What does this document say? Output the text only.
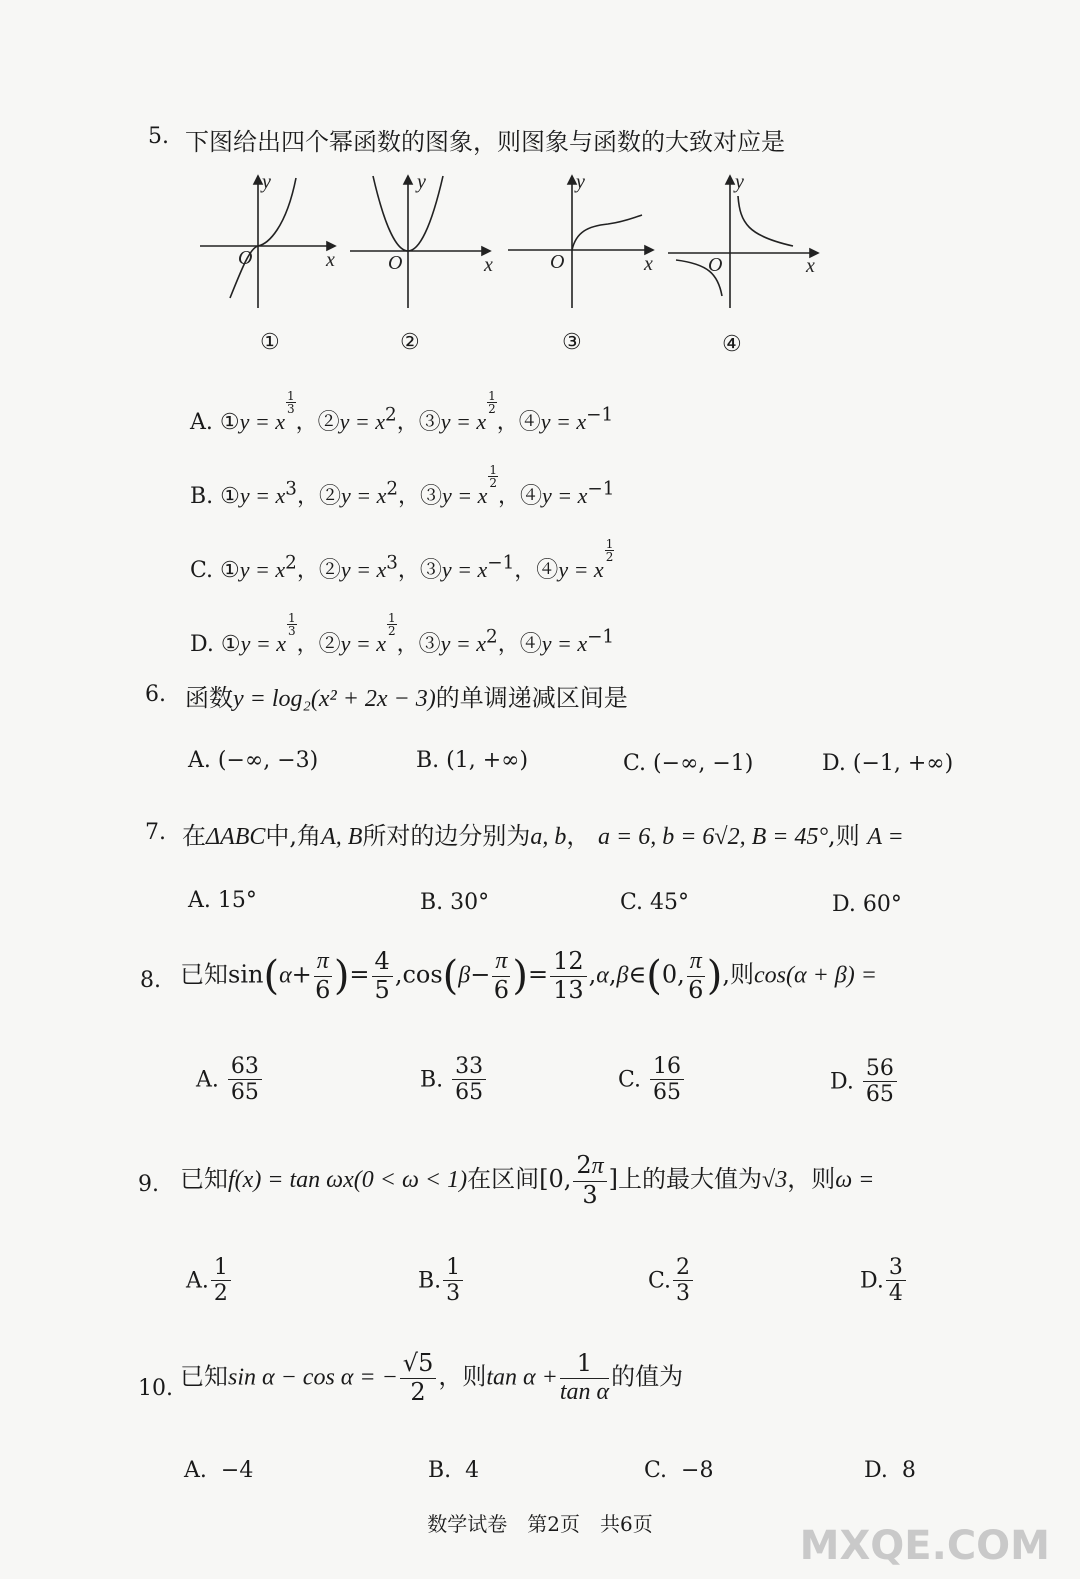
5. 下图给出四个幂函数的图象，则图象与函数的大致对应是
y
x
O
y
x
O
y
x
O
y
x
O
①	②	③	④
A. ①y = x
$\frac{1}{3}$
，②y = $x^2$，③y = x
$\frac{1}{2}$
，④y = $x^{-1}$
B. ①y = $x^3$，②y = $x^2$，③y = x
$\frac{1}{2}$
，④y = $x^{-1}$
C. ①y = $x^2$，②y = $x^3$，③y = $x^{-1}$，④y = x
$\frac{1}{2}$
D. ①y = x
$\frac{1}{3}$
，②y = x
$\frac{1}{2}$
，③y = $x^2$，④y = $x^{-1}$
6. 函数y = log₂(x² + 2x − 3)的单调递减区间是
A. (−∞, −3)	B. (1, +∞)	C. (−∞, −1)	D. (−1, +∞)
7. 在ΔABC中,角A, B所对的边分别为a, b， a = 6, b = 6√2, B = 45°,则 A =
A. 15°	B. 30°	C. 45°	D. 60°
8. 已知$\sin(\alpha+ \frac{\pi}{6}$ )= $\frac{4}{5} ,\cos(\beta- \frac{\pi}{6}$ )= $\frac{12}{13}$ ,α,β∈(0, $\frac{\pi}{6}$ ),则cos(α + β) =
A. $\frac{63}{65}$	B. $\frac{33}{65}$	C. $\frac{16}{65}$	D. $\frac{56}{65}$
9. 已知f(x) = tan ωx(0 < ω < 1)在区间[0, $\frac{2\pi}{3}$ ]上的最大值为√3，则ω =
A. $\frac{1}{2}$	B. $\frac{1}{3}$	C. $\frac{2}{3}$	D. $\frac{3}{4}$
10. 已知sin α − cos α = − $\frac{√5}{2}$ ，则$\tan \alpha + \frac{1}{\text{tan α}}$ 的值为
A. −4	B. 4	C. −8	D. 8
数学试卷　第2页　共6页	MXQE.COM
